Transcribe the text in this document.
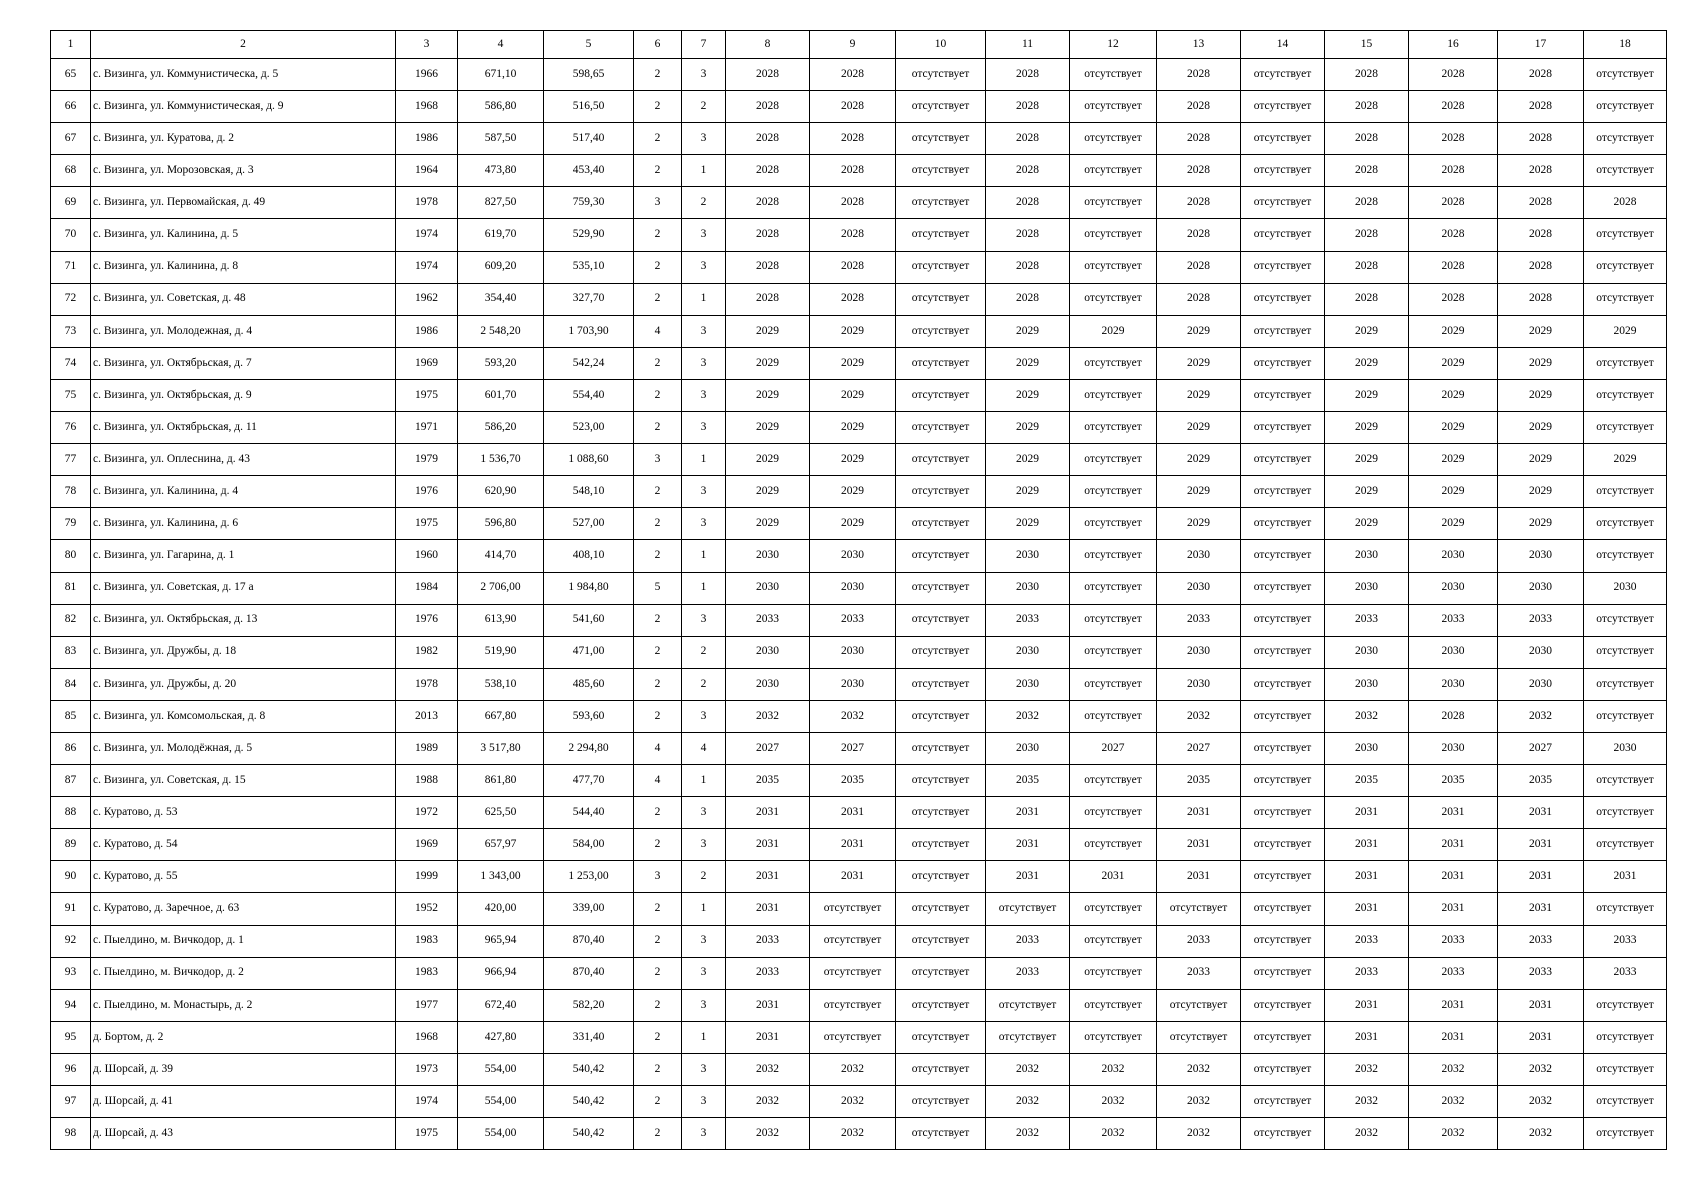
1	2	3	4	5	6	7	8	9	10	11	12	13	14	15	16	17	18
65	с. Визинга, ул. Коммунистическа, д. 5	1966	671,10	598,65	2	3	2028	2028	отсутствует	2028	отсутствует	2028	отсутствует	2028	2028	2028	отсутствует
66	с. Визинга, ул. Коммунистическая, д. 9	1968	586,80	516,50	2	2	2028	2028	отсутствует	2028	отсутствует	2028	отсутствует	2028	2028	2028	отсутствует
67	с. Визинга, ул. Куратова, д. 2	1986	587,50	517,40	2	3	2028	2028	отсутствует	2028	отсутствует	2028	отсутствует	2028	2028	2028	отсутствует
68	с. Визинга, ул. Морозовская, д. 3	1964	473,80	453,40	2	1	2028	2028	отсутствует	2028	отсутствует	2028	отсутствует	2028	2028	2028	отсутствует
69	с. Визинга, ул. Первомайская, д. 49	1978	827,50	759,30	3	2	2028	2028	отсутствует	2028	отсутствует	2028	отсутствует	2028	2028	2028	2028
70	с. Визинга, ул. Калинина, д. 5	1974	619,70	529,90	2	3	2028	2028	отсутствует	2028	отсутствует	2028	отсутствует	2028	2028	2028	отсутствует
71	с. Визинга, ул. Калинина, д. 8	1974	609,20	535,10	2	3	2028	2028	отсутствует	2028	отсутствует	2028	отсутствует	2028	2028	2028	отсутствует
72	с. Визинга, ул. Советская, д. 48	1962	354,40	327,70	2	1	2028	2028	отсутствует	2028	отсутствует	2028	отсутствует	2028	2028	2028	отсутствует
73	с. Визинга, ул. Молодежная, д. 4	1986	2 548,20	1 703,90	4	3	2029	2029	отсутствует	2029	2029	2029	отсутствует	2029	2029	2029	2029
74	с. Визинга, ул. Октябрьская, д. 7	1969	593,20	542,24	2	3	2029	2029	отсутствует	2029	отсутствует	2029	отсутствует	2029	2029	2029	отсутствует
75	с. Визинга, ул. Октябрьская, д. 9	1975	601,70	554,40	2	3	2029	2029	отсутствует	2029	отсутствует	2029	отсутствует	2029	2029	2029	отсутствует
76	с. Визинга, ул. Октябрьская, д. 11	1971	586,20	523,00	2	3	2029	2029	отсутствует	2029	отсутствует	2029	отсутствует	2029	2029	2029	отсутствует
77	с. Визинга, ул. Оплеснина, д. 43	1979	1 536,70	1 088,60	3	1	2029	2029	отсутствует	2029	отсутствует	2029	отсутствует	2029	2029	2029	2029
78	с. Визинга, ул. Калинина, д. 4	1976	620,90	548,10	2	3	2029	2029	отсутствует	2029	отсутствует	2029	отсутствует	2029	2029	2029	отсутствует
79	с. Визинга, ул. Калинина, д. 6	1975	596,80	527,00	2	3	2029	2029	отсутствует	2029	отсутствует	2029	отсутствует	2029	2029	2029	отсутствует
80	с. Визинга, ул. Гагарина, д. 1	1960	414,70	408,10	2	1	2030	2030	отсутствует	2030	отсутствует	2030	отсутствует	2030	2030	2030	отсутствует
81	с. Визинга, ул. Советская, д. 17 а	1984	2 706,00	1 984,80	5	1	2030	2030	отсутствует	2030	отсутствует	2030	отсутствует	2030	2030	2030	2030
82	с. Визинга, ул. Октябрьская, д. 13	1976	613,90	541,60	2	3	2033	2033	отсутствует	2033	отсутствует	2033	отсутствует	2033	2033	2033	отсутствует
83	с. Визинга, ул. Дружбы, д. 18	1982	519,90	471,00	2	2	2030	2030	отсутствует	2030	отсутствует	2030	отсутствует	2030	2030	2030	отсутствует
84	с. Визинга, ул. Дружбы, д. 20	1978	538,10	485,60	2	2	2030	2030	отсутствует	2030	отсутствует	2030	отсутствует	2030	2030	2030	отсутствует
85	с. Визинга, ул. Комсомольская, д. 8	2013	667,80	593,60	2	3	2032	2032	отсутствует	2032	отсутствует	2032	отсутствует	2032	2028	2032	отсутствует
86	с. Визинга, ул. Молодёжная, д. 5	1989	3 517,80	2 294,80	4	4	2027	2027	отсутствует	2030	2027	2027	отсутствует	2030	2030	2027	2030
87	с. Визинга, ул. Советская, д. 15	1988	861,80	477,70	4	1	2035	2035	отсутствует	2035	отсутствует	2035	отсутствует	2035	2035	2035	отсутствует
88	с. Куратово, д. 53	1972	625,50	544,40	2	3	2031	2031	отсутствует	2031	отсутствует	2031	отсутствует	2031	2031	2031	отсутствует
89	с. Куратово, д. 54	1969	657,97	584,00	2	3	2031	2031	отсутствует	2031	отсутствует	2031	отсутствует	2031	2031	2031	отсутствует
90	с. Куратово, д. 55	1999	1 343,00	1 253,00	3	2	2031	2031	отсутствует	2031	2031	2031	отсутствует	2031	2031	2031	2031
91	с. Куратово, д. Заречное, д. 63	1952	420,00	339,00	2	1	2031	отсутствует	отсутствует	отсутствует	отсутствует	отсутствует	отсутствует	2031	2031	2031	отсутствует
92	с. Пыелдино, м. Вичкодор, д. 1	1983	965,94	870,40	2	3	2033	отсутствует	отсутствует	2033	отсутствует	2033	отсутствует	2033	2033	2033	2033
93	с. Пыелдино, м. Вичкодор, д. 2	1983	966,94	870,40	2	3	2033	отсутствует	отсутствует	2033	отсутствует	2033	отсутствует	2033	2033	2033	2033
94	с. Пыелдино, м. Монастырь, д. 2	1977	672,40	582,20	2	3	2031	отсутствует	отсутствует	отсутствует	отсутствует	отсутствует	отсутствует	2031	2031	2031	отсутствует
95	д. Бортом, д. 2	1968	427,80	331,40	2	1	2031	отсутствует	отсутствует	отсутствует	отсутствует	отсутствует	отсутствует	2031	2031	2031	отсутствует
96	д. Шорсай, д. 39	1973	554,00	540,42	2	3	2032	2032	отсутствует	2032	2032	2032	отсутствует	2032	2032	2032	отсутствует
97	д. Шорсай, д. 41	1974	554,00	540,42	2	3	2032	2032	отсутствует	2032	2032	2032	отсутствует	2032	2032	2032	отсутствует
98	д. Шорсай, д. 43	1975	554,00	540,42	2	3	2032	2032	отсутствует	2032	2032	2032	отсутствует	2032	2032	2032	отсутствует
